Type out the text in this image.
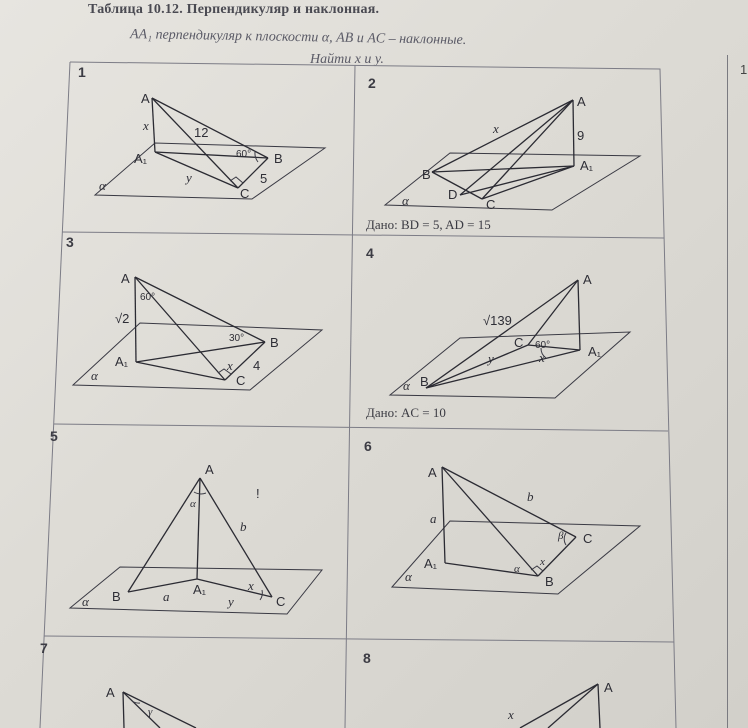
Таблица 10.12. Перпендикуляр и наклонная.
AA₁ перпендикуляр к плоскости α, AB и AC – наклонные.
Найти x и y.
1
1
A
A₁	B
C
α
x
y
12
5
60°
2
A
A₁
B
C
D
α
x	9
Дано: BD = 5, AD = 15
3
A
A₁
B
C
α
x
√2
4
60°
30°
4
A
A₁
B
C
α
x
y
√139
60°
Дано: AC = 10
5
A
A₁
B	C
α
α
b
a
x
y
!
6
A
A₁
B
C
α
a
b
β
x
α
7
A
γ
8
A
x
